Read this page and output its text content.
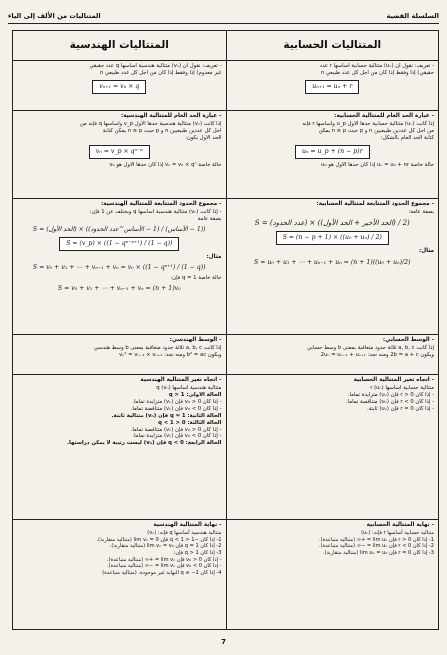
السلسلة الفضية
المتتاليات من الألف إلى الياء
المتتاليات الحسابية
- تعريف: نقول أن (uₙ) متتالية حسابية أساسها r عدد
حقيقي) إذا وفقط إذا كان من أجل كل عدد طبيعي n
uₙ₊₁ = uₙ + r
- عبارة الحد العام للمتتالية الحسابية:
إذا كانت (uₙ) متتالية حسابية حدها الأول u_p وأساسها r فإنه
من أجل كل عددين طبيعيين n و p حيث n ≥ p يمكن
كتابة الحد العام بالشكل:
uₙ = u_p + (n − p)r
حالة خاصة uₙ = u₀ + nr إذا كان حدها الأول هو u₀
- مجموع الحدود المتتابعة لمتتالية الحسابية:
بصفة عامة:
S = (عدد الحدود) × ((الحد الأخير + الحد الأول) / 2)
S = (n − p + 1) × ((u₀ + uₙ) / 2)
مثال:
S = u₀ + u₁ + ⋯ + uₙ₋₁ + uₙ = (n + 1)((u₀ + uₙ)/2)
- الوسط الحسابي:
إذا كانت a, b, c ثلاثة حدود متعاقبة بمعنى b وسط حسابي
ويكون 2b = a + c ومنه نجد: 2uₙ = uₙ₋₁ + uₙ₊₁
- اتجاه تغير المتتالية الحسابية
متتالية حسابية أساسها r (uₙ)
- إذا كان r > 0 فإن (uₙ) متزايدة تماما.
- إذا كان r < 0 فإن (uₙ) متناقصة تماما.
- إذا كان r = 0 فإن (uₙ) ثابتة.
- نهاية المتتالية الحسابية
متتالية حسابية أساسها r فإنه: (uₙ)
1- إذا كان r > 0 فإن lim uₙ = +∞ (متتالية متباعدة).
2- إذا كان r < 0 فإن lim uₙ = −∞ (متتالية متباعدة).
3- إذا كان r = 0 فإن lim uₙ = u₀ (متتالية متقاربة).
المتتاليات الهندسية
- تعريف: نقول أن (vₙ) متتالية هندسية أساسها q عدد حقيقي
غير معدوم) إذا وفقط إذا كان من أجل كل عدد طبيعي n
vₙ₊₁ = vₙ × q
- عبارة الحد العام للمتتالية الهندسية:
إذا كانت (vₙ) متتالية هندسية حدها الأول v_p وأساسها q فإنه من
أجل كل عددين طبيعيين n و p حيث n ≥ p يمكن كتابة
الحد الأول يكون:
vₙ = v_p × qⁿ⁻ᵖ
حالة خاصة vₙ = v₀ × qⁿ إذا كان حدها الأول هو v₀
- مجموع الحدود المتتابعة للمتتالية الهندسية:
- إذا كانت (vₙ) متتالية هندسية أساسها q ويختلف عن 1 فإن:
بصفة عامة
S = (الحد الأول) × ((1 − الأساس^عدد الحدود) / (1 − الأساس))
S = (v_p) × ((1 − qⁿ⁻ᵖ⁺¹) / (1 − q))
مثال:
S = v₀ + v₁ + ⋯ + vₙ₋₁ + vₙ = v₀ × ((1 − qⁿ⁺¹) / (1 − q))
حالة خاصة q = 1 فإن:
S = v₀ + v₁ + ⋯ + vₙ₋₁ + vₙ = (n + 1)v₀
- الوسط الهندسي:
إذا كانت a, b, c ثلاثة حدود متعاقبة بمعنى b وسط هندسي
ويكون b² = ac ومنه نجد: vₙ² = vₙ₋₁ × vₙ₊₁
- اتجاه تغير المتتالية الهندسية
متتالية هندسية أساسها q (vₙ)
الحالة الأولى: q > 1
- إذا كان v₀ > 0 فإن (vₙ) متزايدة تماما.
- إذا كان v₀ < 0 فإن (vₙ) متناقصة تماما.
الحالة الثانية: q = 1 فإن (vₙ) متتالية ثابتة.
الحالة الثالثة: 0 < q < 1
- إذا كان v₀ > 0 فإن (vₙ) متناقصة تماما.
- إذا كان v₀ < 0 فإن (vₙ) متزايدة تماما.
الحالة الرابعة: q < 0 فإن (vₙ) ليست رتيبة لا يمكن دراستها.
- نهاية المتتالية الهندسية
متتالية هندسية أساسها q فإنه: (vₙ)
1- إذا كان −1 < q < 1 فإن lim vₙ = 0 (متتالية متقاربة).
2- إذا كان q = 1 فإن lim vₙ = v₀ (متتالية متقاربة).
3- إذا كان q > 1 فإن:
- إذا كان v₀ > 0 فإن lim vₙ = +∞ (متتالية متباعدة).
- إذا كان v₀ < 0 فإن lim vₙ = −∞ (متتالية متباعدة).
4- إذا كان q ≤ −1 النهاية غير موجودة. (متتالية متباعدة)
7
